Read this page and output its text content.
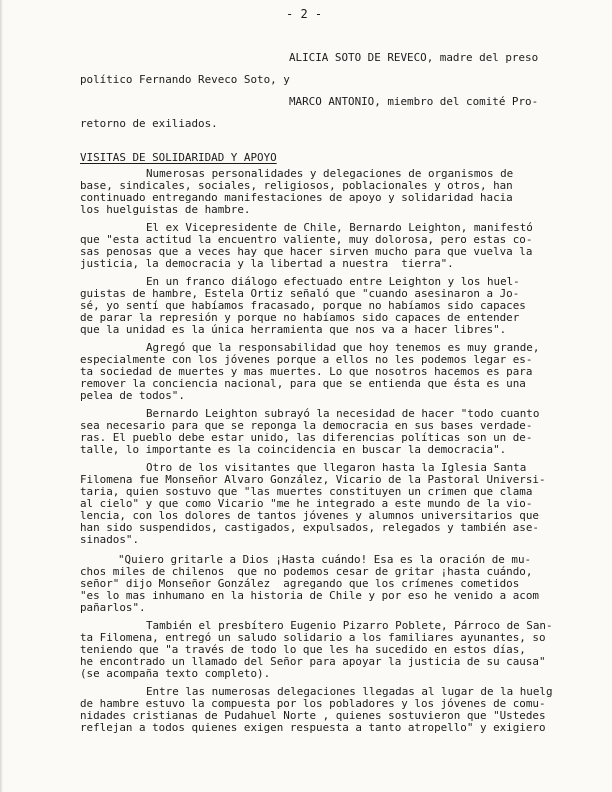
- 2 -
ALICIA SOTO DE REVECO, madre del preso
político Fernando Reveco Soto, y
MARCO ANTONIO, miembro del comité Pro-
retorno de exiliados.
VISITAS DE SOLIDARIDAD Y APOYO
Numerosas personalidades y delegaciones de organismos de
base, sindicales, sociales, religiosos, poblacionales y otros, han
continuado entregando manifestaciones de apoyo y solidaridad hacia
los huelguistas de hambre.
El ex Vicepresidente de Chile, Bernardo Leighton, manifestó
que "esta actitud la encuentro valiente, muy dolorosa, pero estas co-
sas penosas que a veces hay que hacer sirven mucho para que vuelva la
justicia, la democracia y la libertad a nuestra  tierra".
En un franco diálogo efectuado entre Leighton y los huel-
guistas de hambre, Estela Ortiz señaló que "cuando asesinaron a Jo-
sé, yo sentí que habíamos fracasado, porque no habíamos sido capaces
de parar la represión y porque no habíamos sido capaces de entender
que la unidad es la única herramienta que nos va a hacer libres".
Agregó que la responsabilidad que hoy tenemos es muy grande,
especialmente con los jóvenes porque a ellos no les podemos legar es-
ta sociedad de muertes y mas muertes. Lo que nosotros hacemos es para
remover la conciencia nacional, para que se entienda que ésta es una
pelea de todos".
Bernardo Leighton subrayó la necesidad de hacer "todo cuanto
sea necesario para que se reponga la democracia en sus bases verdade-
ras. El pueblo debe estar unido, las diferencias políticas son un de-
talle, lo importante es la coincidencia en buscar la democracia".
Otro de los visitantes que llegaron hasta la Iglesia Santa
Filomena fue Monseñor Alvaro González, Vicario de la Pastoral Universi-
taria, quien sostuvo que "las muertes constituyen un crimen que clama
al cielo" y que como Vicario "me he integrado a este mundo de la vio-
lencia, con los dolores de tantos jóvenes y alumnos universitarios que
han sido suspendidos, castigados, expulsados, relegados y también ase-
sinados".
"Quiero gritarle a Dios ¡Hasta cuándo! Esa es la oración de mu-
chos miles de chilenos  que no podemos cesar de gritar ¡hasta cuándo,
señor" dijo Monseñor González  agregando que los crímenes cometidos
"es lo mas inhumano en la historia de Chile y por eso he venido a acom
pañarlos".
También el presbítero Eugenio Pizarro Poblete, Párroco de San-
ta Filomena, entregó un saludo solidario a los familiares ayunantes, so
teniendo que "a través de todo lo que les ha sucedido en estos días,
he encontrado un llamado del Señor para apoyar la justicia de su causa"
(se acompaña texto completo).
Entre las numerosas delegaciones llegadas al lugar de la huelg
de hambre estuvo la compuesta por los pobladores y los jóvenes de comu-
nidades cristianas de Pudahuel Norte , quienes sostuvieron que "Ustedes
reflejan a todos quienes exigen respuesta a tanto atropello" y exigiero
